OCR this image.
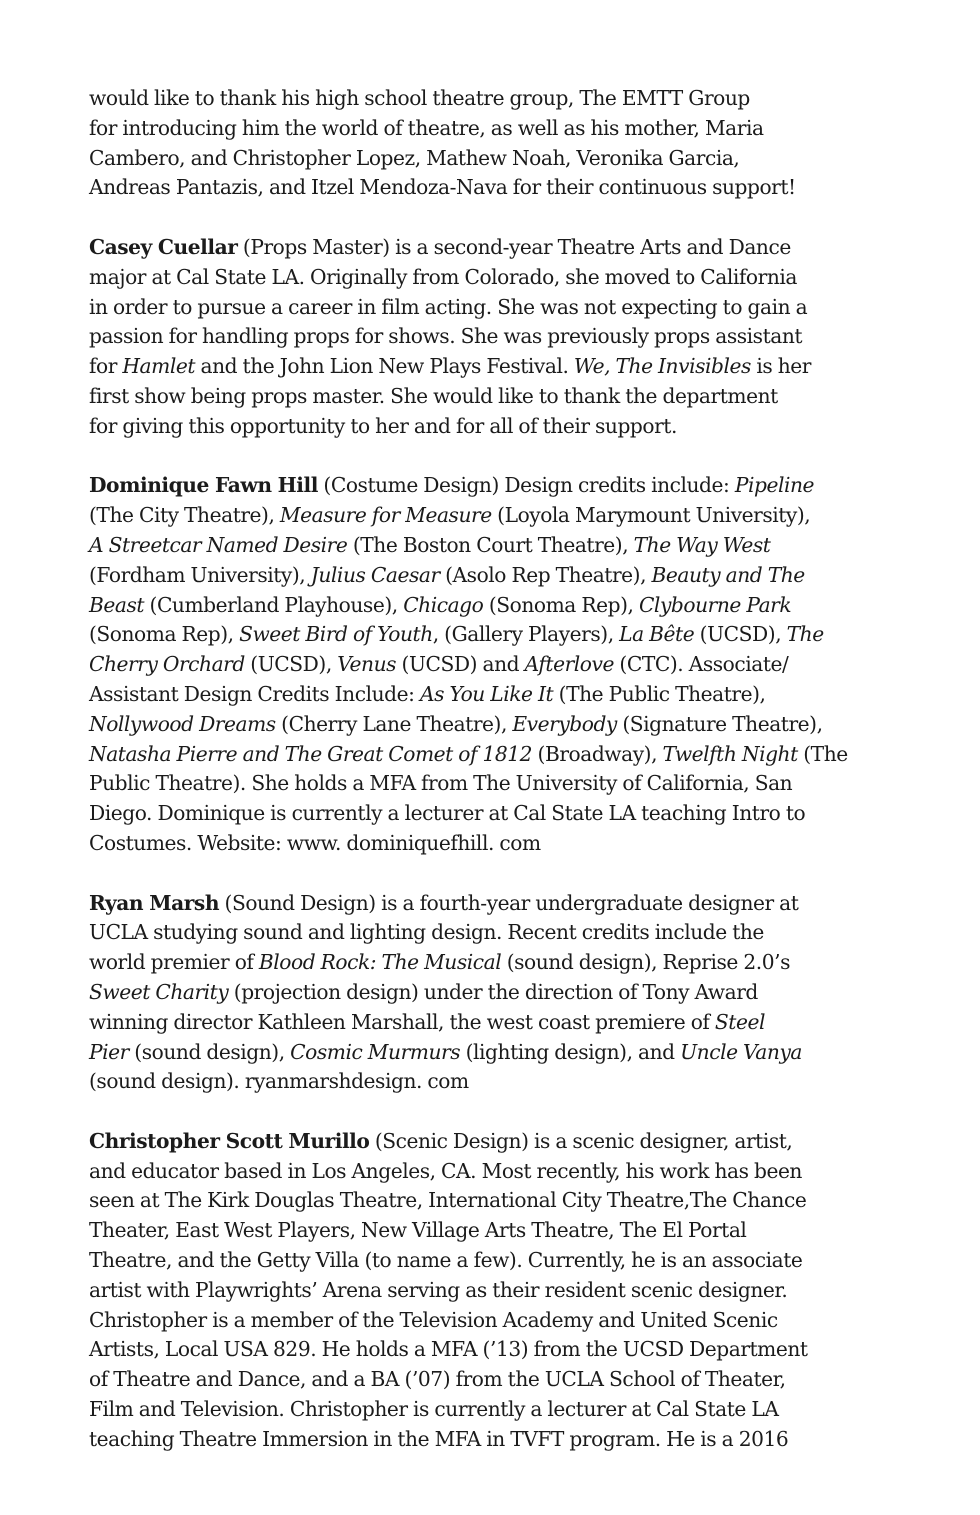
would like to thank his high school theatre group, The EMTT Group
for introducing him the world of theatre, as well as his mother, Maria
Cambero, and Christopher Lopez, Mathew Noah, Veronika Garcia,
Andreas Pantazis, and Itzel Mendoza-Nava for their continuous support!
Casey Cuellar (Props Master) is a second-year Theatre Arts and Dance
major at Cal State LA. Originally from Colorado, she moved to California
in order to pursue a career in film acting. She was not expecting to gain a
passion for handling props for shows. She was previously props assistant
for Hamlet and the John Lion New Plays Festival. We, The Invisibles is her
first show being props master. She would like to thank the department
for giving this opportunity to her and for all of their support.
Dominique Fawn Hill (Costume Design) Design credits include: Pipeline
(The City Theatre), Measure for Measure (Loyola Marymount University),
A Streetcar Named Desire (The Boston Court Theatre), The Way West
(Fordham University), Julius Caesar (Asolo Rep Theatre), Beauty and The
Beast (Cumberland Playhouse), Chicago (Sonoma Rep), Clybourne Park
(Sonoma Rep), Sweet Bird of Youth, (Gallery Players), La Bête (UCSD), The
Cherry Orchard (UCSD), Venus (UCSD) and Afterlove (CTC). Associate/
Assistant Design Credits Include: As You Like It (The Public Theatre),
Nollywood Dreams (Cherry Lane Theatre), Everybody (Signature Theatre),
Natasha Pierre and The Great Comet of 1812 (Broadway), Twelfth Night (The
Public Theatre). She holds a MFA from The University of California, San
Diego. Dominique is currently a lecturer at Cal State LA teaching Intro to
Costumes. Website: www. dominiquefhill. com
Ryan Marsh (Sound Design) is a fourth-year undergraduate designer at
UCLA studying sound and lighting design. Recent credits include the
world premier of Blood Rock: The Musical (sound design), Reprise 2.0’s
Sweet Charity (projection design) under the direction of Tony Award
winning director Kathleen Marshall, the west coast premiere of Steel
Pier (sound design), Cosmic Murmurs (lighting design), and Uncle Vanya
(sound design). ryanmarshdesign. com
Christopher Scott Murillo (Scenic Design) is a scenic designer, artist,
and educator based in Los Angeles, CA. Most recently, his work has been
seen at The Kirk Douglas Theatre, International City Theatre,The Chance
Theater, East West Players, New Village Arts Theatre, The El Portal
Theatre, and the Getty Villa (to name a few). Currently, he is an associate
artist with Playwrights’ Arena serving as their resident scenic designer.
Christopher is a member of the Television Academy and United Scenic
Artists, Local USA 829. He holds a MFA (’13) from the UCSD Department
of Theatre and Dance, and a BA (’07) from the UCLA School of Theater,
Film and Television. Christopher is currently a lecturer at Cal State LA
teaching Theatre Immersion in the MFA in TVFT program. He is a 2016
